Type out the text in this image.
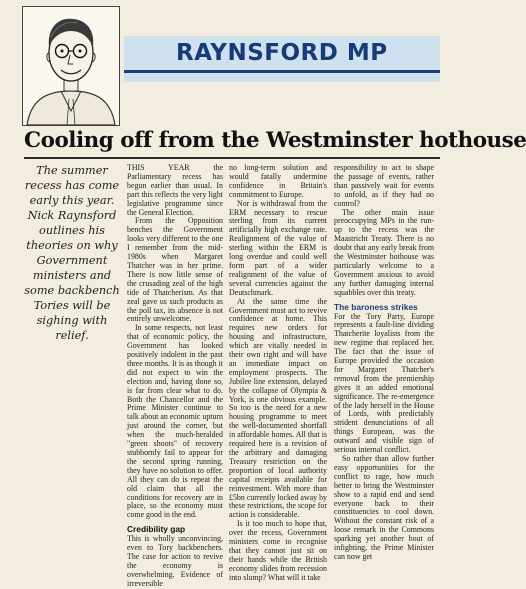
RAYNSFORD MP
Cooling off from the Westminster hothouse

The summer recess has come early this year. Nick Raynsford outlines his theories on why Government ministers and some backbench Tories will be sighing with relief.

THIS YEAR the Parliamentary recess has begun earlier than usual. In part this reflects the very light legislative programme since the General Election.

From the Opposition benches the Government looks very different to the one I remember from the mid-1980s when Margaret Thatcher was in her prime. There is now little sense of the crusading zeal of the high tide of Thatcherism. As that zeal gave us such products as the poll tax, its absence is not entirely unwelcome.

In some respects, not least that of economic policy, the Government has looked positively indolent in the past three months. It is as though it did not expect to win the election and, having done so, is far from clear what to do. Both the Chancellor and the Prime Minister continue to talk about an economic upturn just around the corner, but when the much-heralded "green shoots" of recovery stubbornly fail to appear for the second spring running, they have no solution to offer. All they can do is repeat the old claim that all the conditions for recovery are in place, so the economy must come good in the end.

Credibility gap

This is wholly unconvincing, even to Tory backbenchers. The case for action to revive the economy is overwhelming. Evidence of irreversible

no long-term solution and would fatally undermine confidence in Britain's commitment to Europe.

Nor is withdrawal from the ERM necessary to rescue sterling from its current artificially high exchange rate. Realignment of the value of sterling within the ERM is long overdue and could well form part of a wider realignment of the value of several currencies against the Deutschmark.

At the same time the Government must act to revive confidence at home. This requires new orders for housing and infrastructure, which are vitally needed in their own right and will have an immediate impact on employment prospects. The Jubilee line extension, delayed by the collapse of Olympia & York, is one obvious example. So too is the need for a new housing programme to meet the well-documented shortfall in affordable homes. All that is required here is a revision of the arbitrary and damaging Treasury restriction on the proportion of local authority capital receipts available for reinvestment. With more than £5bn currently locked away by these restrictions, the scope for action is considerable.

Is it too much to hope that, over the recess, Government ministers come to recognise that they cannot just sit on their hands while the British economy slides from recession into slump? What will it take

responsibility to act to shape the passage of events, rather than passively wait for events to unfold, as if they had no control?

The other main issue preoccupying MPs in the run-up to the recess was the Maastricht Treaty. There is no doubt that any early break from the Westminster hothouse was particularly welcome to a Government anxious to avoid any further damaging internal squabbles over this treaty.

The baroness strikes

For the Tory Party, Europe represents a fault-line dividing Thatcherite loyalists from the new regime that replaced her. The fact that the issue of Europe provided the occasion for Margaret Thatcher's removal from the premiership gives it an added emotional significance. The re-emergence of the lady herself in the House of Lords, with predictably strident denunciations of all things European, was the outward and visible sign of serious internal conflict.

So rather than allow further easy opportunities for the conflict to rage, how much better to bring the Westminster show to a rapid end and send everyone back to their constituencies to cool down. Without the constant risk of a loose remark in the Commons sparking yet another bout of infighting, the Prime Minister can now get
